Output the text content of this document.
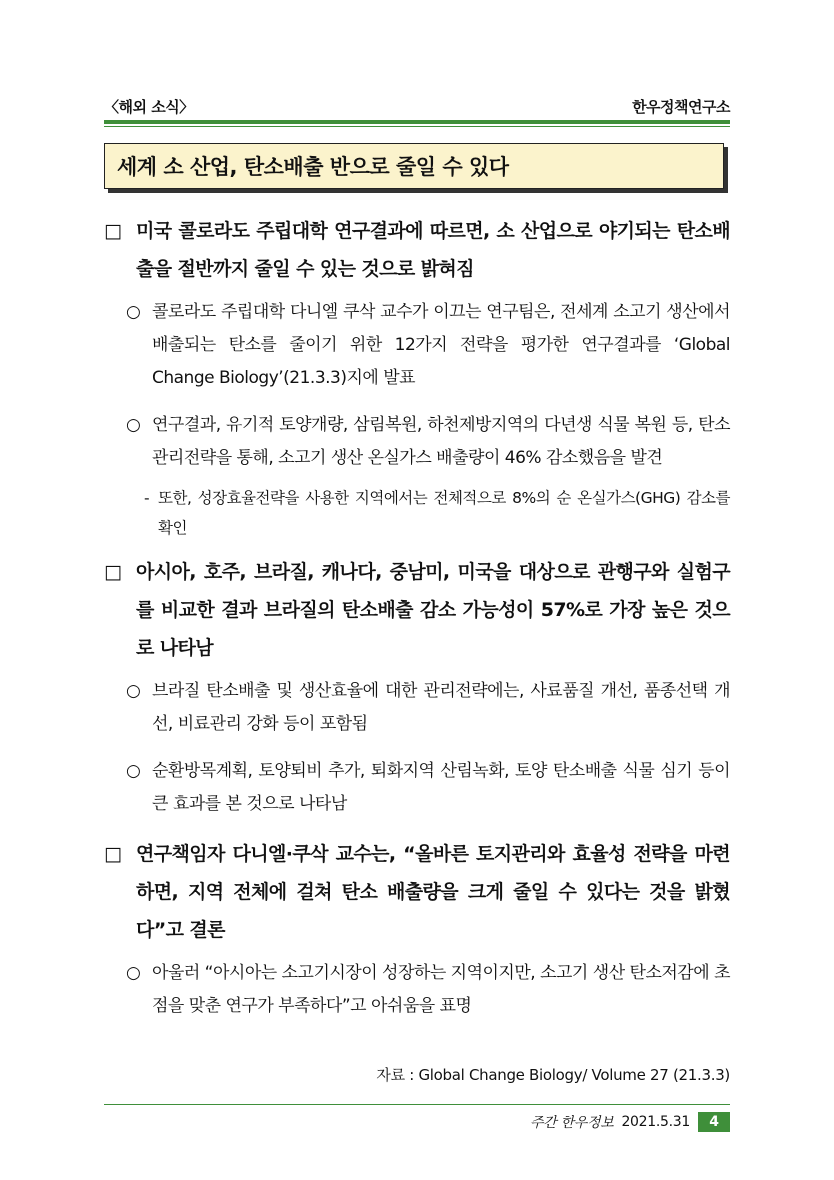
〈해외 소식〉	한우정책연구소
세계 소 산업, 탄소배출 반으로 줄일 수 있다
□ 미국 콜로라도 주립대학 연구결과에 따르면, 소 산업으로 야기되는 탄소배출을 절반까지 줄일 수 있는 것으로 밝혀짐
○ 콜로라도 주립대학 다니엘 쿠삭 교수가 이끄는 연구팀은, 전세계 소고기 생산에서 배출되는 탄소를 줄이기 위한 12가지 전략을 평가한 연구결과를 ‘Global Change Biology’(21.3.3)지에 발표
○ 연구결과, 유기적 토양개량, 삼림복원, 하천제방지역의 다년생 식물 복원 등, 탄소 관리전략을 통해, 소고기 생산 온실가스 배출량이 46% 감소했음을 발견
- 또한, 성장효율전략을 사용한 지역에서는 전체적으로 8%의 순 온실가스(GHG) 감소를 확인
□ 아시아, 호주, 브라질, 캐나다, 중남미, 미국을 대상으로 관행구와 실험구를 비교한 결과 브라질의 탄소배출 감소 가능성이 57%로 가장 높은 것으로 나타남
○ 브라질 탄소배출 및 생산효율에 대한 관리전략에는, 사료품질 개선, 품종선택 개선, 비료관리 강화 등이 포함됨
○ 순환방목계획, 토양퇴비 추가, 퇴화지역 산림녹화, 토양 탄소배출 식물 심기 등이 큰 효과를 본 것으로 나타남
□ 연구책임자 다니엘·쿠삭 교수는, “올바른 토지관리와 효율성 전략을 마련하면, 지역 전체에 걸쳐 탄소 배출량을 크게 줄일 수 있다는 것을 밝혔다”고 결론
○ 아울러 “아시아는 소고기시장이 성장하는 지역이지만, 소고기 생산 탄소저감에 초점을 맞춘 연구가 부족하다”고 아쉬움을 표명
자료 : Global Change Biology/ Volume 27 (21.3.3)
주간 한우정보 2021.5.31	4
